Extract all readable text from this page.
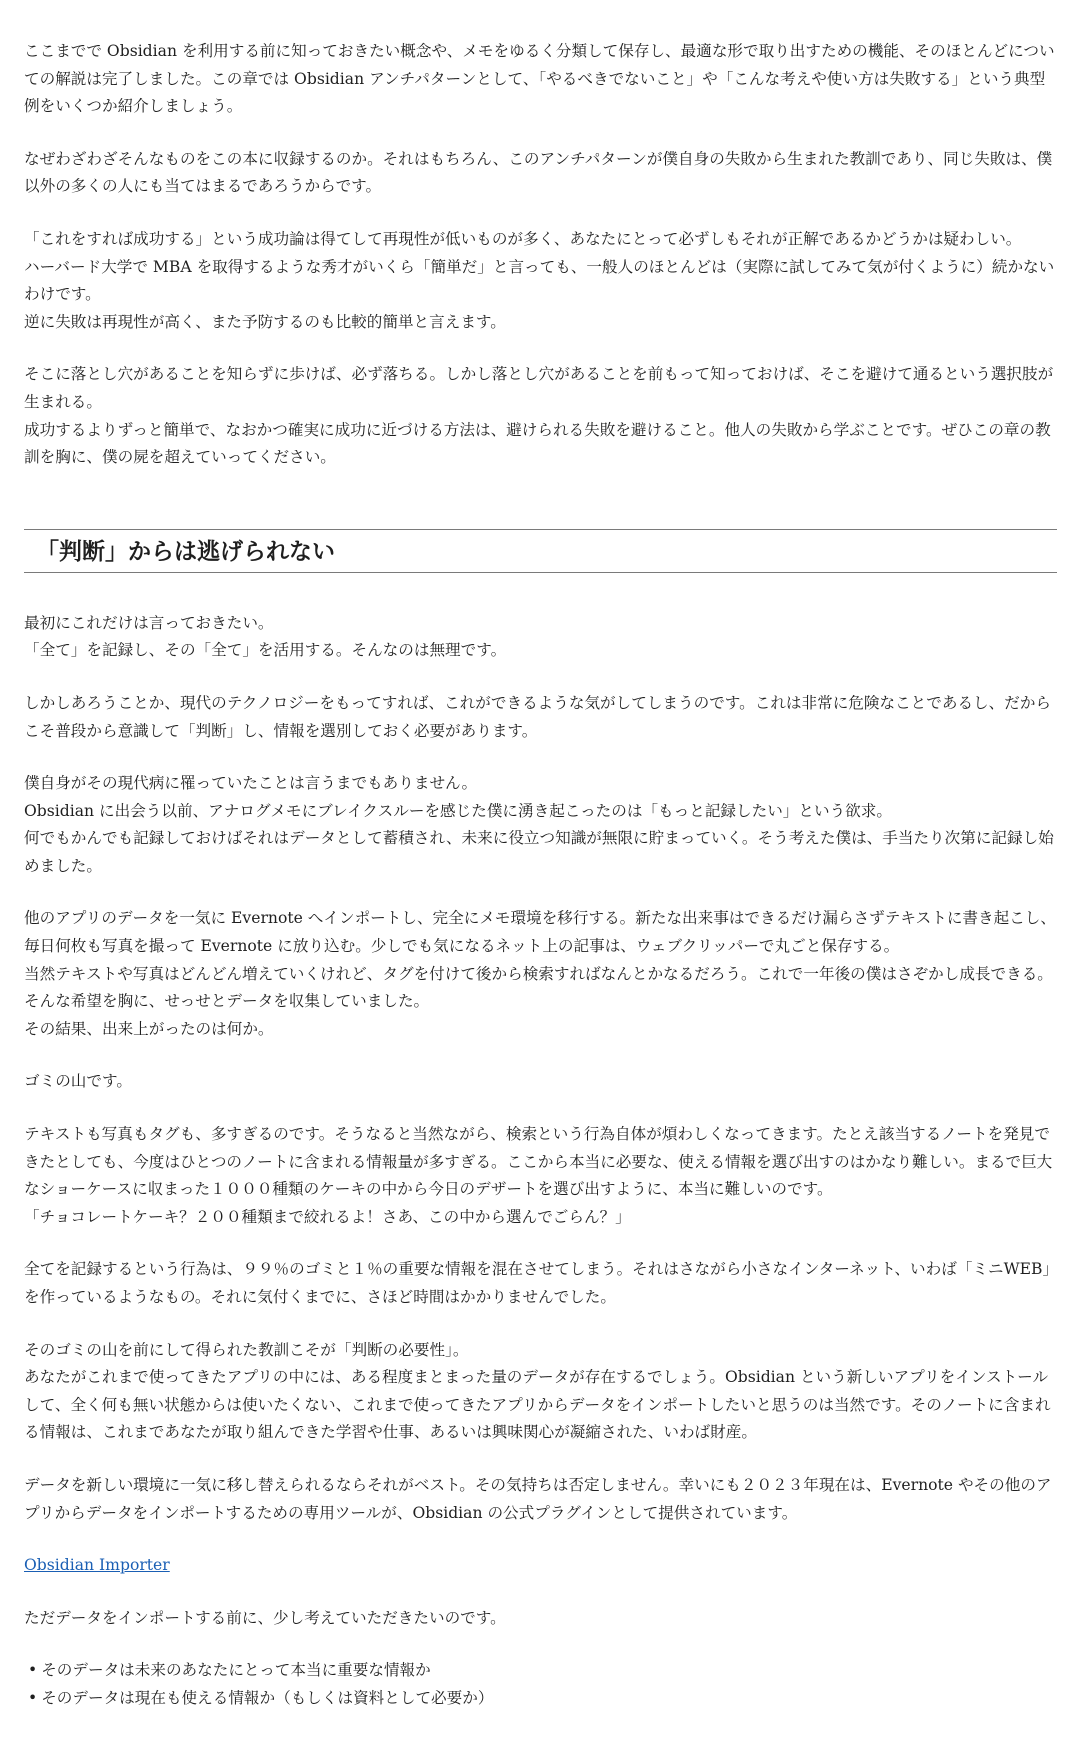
ここまでで Obsidian を利用する前に知っておきたい概念や、メモをゆるく分類して保存し、最適な形で取り出すための機能、そのほとんどについての解説は完了しました。この章では Obsidian アンチパターンとして、「やるべきでないこと」や「こんな考えや使い方は失敗する」という典型例をいくつか紹介しましょう。

なぜわざわざそんなものをこの本に収録するのか。それはもちろん、このアンチパターンが僕自身の失敗から生まれた教訓であり、同じ失敗は、僕以外の多くの人にも当てはまるであろうからです。

「これをすれば成功する」という成功論は得てして再現性が低いものが多く、あなたにとって必ずしもそれが正解であるかどうかは疑わしい。
ハーバード大学で MBA を取得するような秀才がいくら「簡単だ」と言っても、一般人のほとんどは（実際に試してみて気が付くように）続かないわけです。
逆に失敗は再現性が高く、また予防するのも比較的簡単と言えます。

そこに落とし穴があることを知らずに歩けば、必ず落ちる。しかし落とし穴があることを前もって知っておけば、そこを避けて通るという選択肢が生まれる。
成功するよりずっと簡単で、なおかつ確実に成功に近づける方法は、避けられる失敗を避けること。他人の失敗から学ぶことです。ぜひこの章の教訓を胸に、僕の屍を超えていってください。

「判断」からは逃げられない

最初にこれだけは言っておきたい。
「全て」を記録し、その「全て」を活用する。そんなのは無理です。

しかしあろうことか、現代のテクノロジーをもってすれば、これができるような気がしてしまうのです。これは非常に危険なことであるし、だからこそ普段から意識して「判断」し、情報を選別しておく必要があります。

僕自身がその現代病に罹っていたことは言うまでもありません。
Obsidian に出会う以前、アナログメモにブレイクスルーを感じた僕に湧き起こったのは「もっと記録したい」という欲求。
何でもかんでも記録しておけばそれはデータとして蓄積され、未来に役立つ知識が無限に貯まっていく。そう考えた僕は、手当たり次第に記録し始めました。

他のアプリのデータを一気に Evernote へインポートし、完全にメモ環境を移行する。新たな出来事はできるだけ漏らさずテキストに書き起こし、毎日何枚も写真を撮って Evernote に放り込む。少しでも気になるネット上の記事は、ウェブクリッパーで丸ごと保存する。
当然テキストや写真はどんどん増えていくけれど、タグを付けて後から検索すればなんとかなるだろう。これで一年後の僕はさぞかし成長できる。そんな希望を胸に、せっせとデータを収集していました。
その結果、出来上がったのは何か。

ゴミの山です。

テキストも写真もタグも、多すぎるのです。そうなると当然ながら、検索という行為自体が煩わしくなってきます。たとえ該当するノートを発見できたとしても、今度はひとつのノートに含まれる情報量が多すぎる。ここから本当に必要な、使える情報を選び出すのはかなり難しい。まるで巨大なショーケースに収まった１０００種類のケーキの中から今日のデザートを選び出すように、本当に難しいのです。
「チョコレートケーキ？２００種類まで絞れるよ！さあ、この中から選んでごらん？」

全てを記録するという行為は、９９％のゴミと１％の重要な情報を混在させてしまう。それはさながら小さなインターネット、いわば「ミニWEB」を作っているようなもの。それに気付くまでに、さほど時間はかかりませんでした。

そのゴミの山を前にして得られた教訓こそが「判断の必要性」。
あなたがこれまで使ってきたアプリの中には、ある程度まとまった量のデータが存在するでしょう。Obsidian という新しいアプリをインストールして、全く何も無い状態からは使いたくない、これまで使ってきたアプリからデータをインポートしたいと思うのは当然です。そのノートに含まれる情報は、これまであなたが取り組んできた学習や仕事、あるいは興味関心が凝縮された、いわば財産。

データを新しい環境に一気に移し替えられるならそれがベスト。その気持ちは否定しません。幸いにも２０２３年現在は、Evernote やその他のアプリからデータをインポートするための専用ツールが、Obsidian の公式プラグインとして提供されています。

Obsidian Importer

ただデータをインポートする前に、少し考えていただきたいのです。

• そのデータは未来のあなたにとって本当に重要な情報か
• そのデータは現在も使える情報か（もしくは資料として必要か）
